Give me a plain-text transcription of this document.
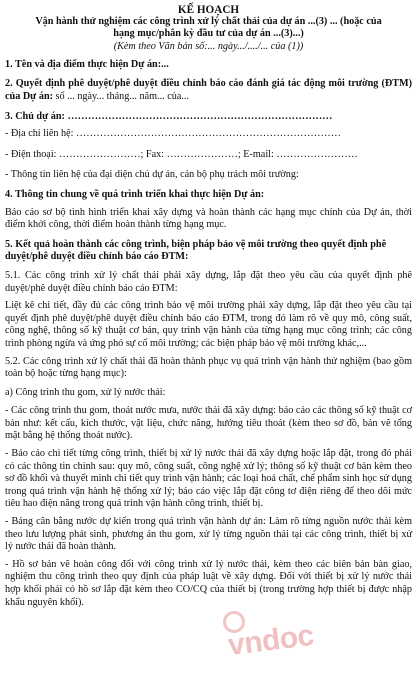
KẾ HOẠCH
Vận hành thử nghiệm các công trình xử lý chất thải của dự án ...(3) ... (hoặc của
hạng mục/phân kỳ đầu tư của dự án ...(3)...)
(Kèm theo Văn bản số:... ngày.../..../... của (1))
1. Tên và địa điểm thực hiện Dự án:...
2. Quyết định phê duyệt/phê duyệt điều chỉnh báo cáo đánh giá tác động môi trường (ĐTM) của Dự án: số ... ngày... tháng... năm... của...
3. Chủ dự án: ……………………………………………………………………
- Địa chỉ liên hệ: ……………………………………………………………………
- Điện thoại: ……………………; Fax: …………………; E-mail: ……………………
- Thông tin liên hệ của đại diện chủ dự án, cán bộ phụ trách môi trường:
4. Thông tin chung về quá trình triển khai thực hiện Dự án:
Báo cáo sơ bộ tình hình triển khai xây dựng và hoàn thành các hạng mục chính của Dự án, thời điểm khởi công, thời điểm hoàn thành từng hạng mục.
5. Kết quả hoàn thành các công trình, biện pháp bảo vệ môi trường theo quyết định phê duyệt/phê duyệt điều chỉnh báo cáo ĐTM:
5.1. Các công trình xử lý chất thải phải xây dựng, lắp đặt theo yêu cầu của quyết định phê duyệt/phê duyệt điều chỉnh báo cáo ĐTM:
Liệt kê chi tiết, đầy đủ các công trình bảo vệ môi trường phải xây dựng, lắp đặt theo yêu cầu tại quyết định phê duyệt/phê duyệt điều chỉnh báo cáo ĐTM, trong đó làm rõ về quy mô, công suất, công nghệ, thông số kỹ thuật cơ bản, quy trình vận hành của từng hạng mục công trình; các công trình phòng ngừa và ứng phó sự cố môi trường; các biện pháp bảo vệ môi trường khác,...
5.2. Các công trình xử lý chất thải đã hoàn thành phục vụ quá trình vận hành thử nghiệm (bao gồm toàn bộ hoặc từng hạng mục):
a) Công trình thu gom, xử lý nước thải:
- Các công trình thu gom, thoát nước mưa, nước thải đã xây dựng: báo cáo các thông số kỹ thuật cơ bản như: kết cấu, kích thước, vật liệu, chức năng, hướng tiêu thoát (kèm theo sơ đồ, bản vẽ tổng mặt bằng hệ thống thoát nước).
- Báo cáo chi tiết từng công trình, thiết bị xử lý nước thải đã xây dựng hoặc lắp đặt, trong đó phải có các thông tin chính sau: quy mô, công suất, công nghệ xử lý; thông số kỹ thuật cơ bản kèm theo sơ đồ khối và thuyết minh chi tiết quy trình vận hành; các loại hoá chất, chế phẩm sinh học sử dụng trong quá trình vận hành hệ thống xử lý; báo cáo việc lắp đặt công tơ điện riêng để theo dõi mức tiêu hao điện năng trong quá trình vận hành công trình, thiết bị.
- Bảng cân bằng nước dự kiến trong quá trình vận hành dự án: Làm rõ từng nguồn nước thải kèm theo lưu lượng phát sinh, phương án thu gom, xử lý từng nguồn thải tại các công trình, thiết bị xử lý nước thải đã hoàn thành.
- Hồ sơ bản vẽ hoàn công đối với công trình xử lý nước thải, kèm theo các biên bản bàn giao, nghiệm thu công trình theo quy định của pháp luật về xây dựng. Đối với thiết bị xử lý nước thải hợp khối phải có hồ sơ lắp đặt kèm theo CO/CQ của thiết bị (trong trường hợp thiết bị được nhập khẩu nguyên khối).
vndoc
